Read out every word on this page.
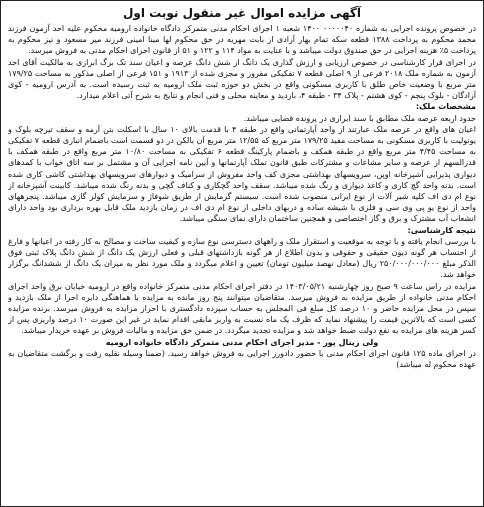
آگهی مزایده اموال غیر منقول نوبت اول

در خصوص پرونده اجرایی به شماره ۰۰۰۰۰۴۰ ۱۴۰۰ شعبه ۱ اجرای احکام مدنی متمرکز دادگاه خانواده ارومیه محکوم علیه احد آزمون فرزند محمد محکوم به پرداخت ۱۳۸۸ قطعه سکه تمام بهار آزادی از بابت مهریه در حق محکوم لها مینا امینی فرزند میر مسعود و نیز محکوم به پرداخت ۵٪ هزینه اجرایی در حق صندوق دولت میباشد و با عنایت به مواد ۱۱۴ و ۱۲۲ و ۵۱ از قانون اجرای احکام مدنی به فروش میرسد.

در اجرای قرار کارشناسی در خصوص ارزیابی و ارزش گذاری یک دانگ از شش دانگ عرصه و اعیان سند تک برگ ابرازی به مالکیت آقای احد آزمون به شماره ملک ۲۰۱۸ فرعی از ۹ اصلی قطعه ۷ تفکیکی مفروز و مجزی شده از ۱۹۱۳ و ۱۵۱ فرعی از اصلی مذکور به مساحت ۱۷۹/۲۵ متر مربع با وضعیت خاص طلق با کاربری مسکونی واقع در بخش دو حوزه ثبت ملک ارومیه به ثبت رسیده است. به آدرس ارومیه - کوی آزادگان - بلوک پنجم - کوی هشتم - پلاک ۳۴ - طبقه ۴، بازدید و معاینه محلی و فنی انجام و نتایج به شرح آتی اعلام میدارد.

مشخصات ملک:

حدود اربعه عرصه ملک مطابق با سند ابرازی در پرونده قضایی میباشد.

اعیان های واقع در عرصه ملک عبارتند از واحد آپارتمانی واقع در طبقه ۴ با قدمت بالای ۱۰ سال با اسکلت بتن آرمه و سقف تیرچه بلوک و یونولیت با کاربری مسکونی به مساحت مفید ۱۷۹/۲۵ متر مربع که ۱۲/۵۵ متر مربع آن بالکن در دو قسمت است باضمام انباری قطعه ۷ تفکیکی به مساحت ۴/۴۵ متر مربع واقع در طبقه همکف و باضمام پارکینگ قطعه ۶ تفکیکی به مساحت ۱۰/۸۰ متر مربع واقع در طبقه همکف با قدرالسهم از عرصه و سایر مشاعات و مشترکات طبق قانون تملک آپارتمانها و آیین نامه اجرایی آن و مشتمل بر سه اتاق خواب با کمدهای دیواری پذیرایی آشپزخانه اوپن، سرویسهای بهداشتی مجزی کف واحد مفروش از سرامیک و دیوارهای سرویسهای بهداشتی کاشی کاری شده است. بدنه واحد گچ کاری و کاغذ دیواری و رنگ شده میباشد. سقف واحد گچکاری و کناف گچی و بدنه رنگ شده میباشد. کابینت آشپزخانه از نوع ام دی اف کلیه شیر آلات از نوع ایرانی منصوب شده است. سیستم گرمایش از طریق شوفاژ و سرمایش کولر گازی میباشد. پنجرههای واحد از نوع یو پی وی سی و فلزی با شیشه ساده و دربهای داخلی از نوع ام دی اف در زمان بازدید ملک قابل بهره برداری بود واحد دارای انشعاب آب مشترک و برق و گاز اختصاصی و همچنین ساختمان دارای نمای سنگی میباشد.

نتیجه کارشناسی:

با بررسی انجام یافته و با توجه به موقعیت و استقرار ملک و راههای دسترسی نوع سازه و کیفیت ساخت و مصالح به کار رفته در اعیانها و فارغ از احتساب هر گونه دیون حقیقی و حقوقی و بدون اطلاع از هر گونه بازداشتهای قبلی و فعلی ارزش یک دانگ از شش دانگ پلاک ثبتی فوق الذکر مبلغ ۲۵۰/۰۰۰/۰۰۰/۰۰۰ ریال (معادل نهصد میلیون تومان) تعیین و اعلام میگردد و ملک مورد نظر به میزان یک دانگ از ششدانگ برگزار خواهد شد.

مزایده در راس ساعت ۹ صبح روز چهارشنبه ۱۴۰۳/۰۵/۲۱ در دفتر اجرای احکام مدنی متمرکز خانواده واقع در ارومیه خیابان برق واحد اجرای احکام مدنی خانواده از طریق مزایده به فروش میرسد. متقاضیان میتوانند پنج روز مانده به مزایده با هماهنگی دایره اجرا از ملک بازدید و سپس در محل مزایده حاضر و ۱۰ درصد کل مبلغ فی المجلس به حساب سپرده دادگستری با احراز مزایده به فروش میرسد. برنده مزایده کسی است که بالاترین قیمت را پیشنهاد نماید که ظرف یک ماه نسبت به واریز مابقی اقدام نماید در غیر این صورت ۱۰ درصد واریزی پس از کسر هزینه های مزایده به نفع دولت ضبط خواهد شد و مزایده تجدید میگردد. در ضمن حق مزایده و مالیات فروش بر عهده خریدار میباشد.

ولی زینال پور - مدیر اجرای احکام مدنی متمرکز دادگاه خانواده ارومیه

در اجرای ماده ۱۲۵ قانون اجرای احکام مدنی با حضور دادورز اجرایی به فروش خواهد رسید. (ضمنا وسیله نقلیه رفت و برگشت متقاضیان به عهده محکوم له میباشد)
